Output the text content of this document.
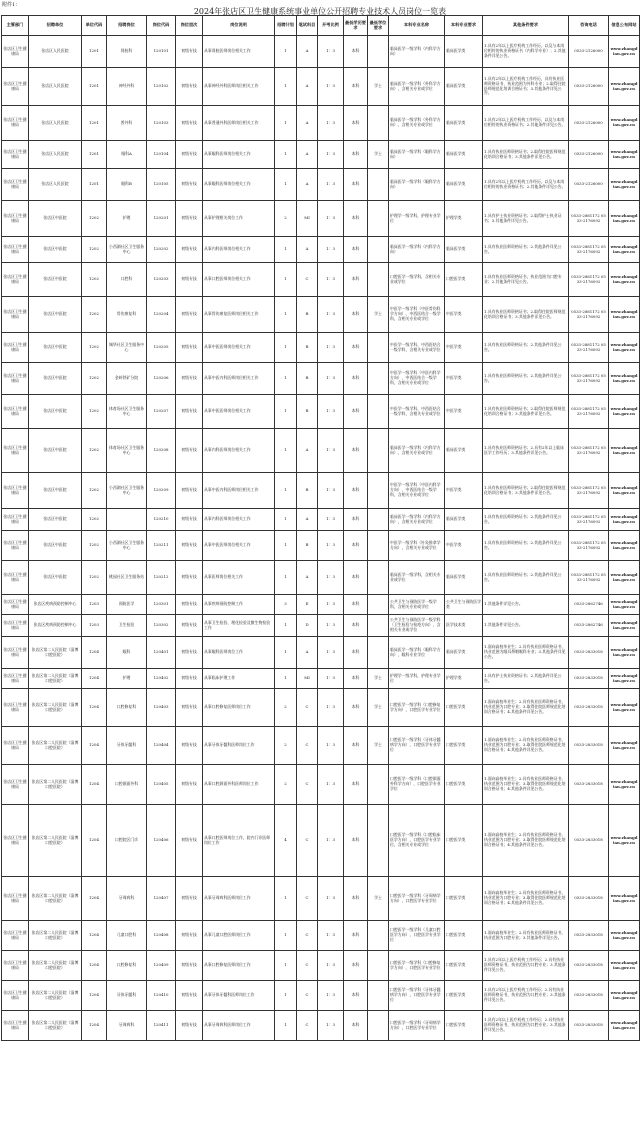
附件1：
2024年张店区卫生健康系统事业单位公开招聘专业技术人员岗位一览表
主管部门	招聘单位	单位代码	招聘岗位	岗位代码	岗位层次	岗位说明	招聘计划	笔试科目	开考比例	最低学历要求	最低学位要求	本科专业名称	本科专业要求	其他条件要求	咨询电话	信息公布网站
张店区卫生健康局	张店区人民医院	1201	肾脏科	120101	初级专技	从事肾脏医师岗位相关工作	1	A	1：3	本科		临床医学一级学科（内科学方向）	临床医学类	1.具有2年以上医疗机构工作经历，以及与本岗位相符的执业资格证书（内科学专业）；2.其他条件详见公告。	0533-2126000	www.zhangdian.gov.cn
张店区卫生健康局	张店区人民医院	1201	神经外科	120102	初级专技	从事神经外科医师岗位相关工作	1	A	1：3	本科	学士	临床医学一级学科（外科学方向），含相关专业或学位	临床医学类	1.具有2年以上医疗机构工作经历，具有执业医师资格证书，执业范围为外科专业；2.取得住院医师规范化培训合格证书；3.其他条件详见公告。	0533-2126000	www.zhangdian.gov.cn
张店区卫生健康局	张店区人民医院	1201	普外科	120103	初级专技	从事普通外科医师岗位相关工作	1	A	1：3	本科		临床医学一级学科（外科学方向），含相关专业或学位	临床医学类	1.具有2年以上医疗机构工作经历，以及与本岗位相符的执业资格证书；2.其他条件详见公告。	0533-2126000	www.zhangdian.gov.cn
张店区卫生健康局	张店区人民医院	1201	眼科A	120104	初级专技	从事眼科医师岗位相关工作	1	A	1：3	本科	学士	临床医学一级学科（眼科学方向）	临床医学类	1.具有执业医师资格证书；2.取得住院医师规范化培训合格证书；3.其他条件详见公告。	0533-2126000	www.zhangdian.gov.cn
张店区卫生健康局	张店区人民医院	1201	眼科B	120105	初级专技	从事眼科医师岗位相关工作	1	A	1：3	本科		临床医学一级学科（眼科学方向）	临床医学类	1.具有2年以上医疗机构工作经历，以及与本岗位相符的执业资格证书；2.其他条件详见公告。	0533-2126000	www.zhangdian.gov.cn
张店区卫生健康局	张店区中医院	1202	护理	120201	初级专技	从事护理相关岗位工作	2	MI	1：3	本科		护理学一级学科，护理专业学位	护理学类	1.具有护士执业资格证书；2.取得护士执业证书；3.其他条件详见公告。	0533-2881172 0533-2176092	www.zhangdian.gov.cn
张店区卫生健康局	张店区中医院	1202	小西湖社区卫生服务中心	120202	初级专技	从事内科医师岗位相关工作	1	A	1：3	本科		临床医学一级学科（内科学方向）	临床医学类	1.具有执业医师资格证书；2.其他条件详见公告。	0533-2881172 0533-2176092	www.zhangdian.gov.cn
张店区卫生健康局	张店区中医院	1202	口腔科	120203	初级专技	从事口腔医师岗位相关工作	1	C	1：3	本科		口腔医学一级学科，含相关专业或学位	口腔医学类	1.具有执业医师资格证书，执业范围为口腔专业；2.其他条件详见公告。	0533-2881172 0533-2176092	www.zhangdian.gov.cn
张店区卫生健康局	张店区中医院	1202	骨伤康复科	120204	初级专技	从事骨伤康复医师岗位相关工作	1	B	1：3	本科	学士	中医学一级学科（中医骨伤科学方向）、中西医结合一级学科，含相关专业或学位	中医学类	1.具有执业医师资格证书；2.取得住院医师规范化培训合格证书；3.其他条件详见公告。	0533-2881172 0533-2176092	www.zhangdian.gov.cn
张店区卫生健康局	张店区中医院	1202	城华社区卫生服务中心	120205	初级专技	从事中医医师岗位相关工作	1	B	1：3	本科		中医学一级学科、中西医结合一级学科，含相关专业或学位	中医学类	1.具有执业医师资格证书；2.其他条件详见公告。	0533-2881172 0533-2176092	www.zhangdian.gov.cn
张店区卫生健康局	张店区中医院	1202	金岭铁矿分院	120206	初级专技	从事中医内科医师岗位相关工作	1	B	1：3	本科		中医学一级学科（中医内科学方向）、中西医结合一级学科，含相关专业或学位	中医学类	1.具有执业医师资格证书；2.其他条件详见公告。	0533-2881172 0533-2176092	www.zhangdian.gov.cn
张店区卫生健康局	张店区中医院	1202	体育场社区卫生服务中心	120207	初级专技	从事中医医师岗位相关工作	1	B	1：3	本科		中医学一级学科、中西医结合一级学科，含相关专业或学位	中医学类	1.具有执业医师资格证书；2.取得住院医师规范化培训合格证书；3.其他条件详见公告。	0533-2881172 0533-2176092	www.zhangdian.gov.cn
张店区卫生健康局	张店区中医院	1202	体育场社区卫生服务中心	120208	初级专技	从事内科医师岗位相关工作	1	A	1：3	本科		临床医学一级学科（内科学方向），含相关专业或学位	临床医学类	1.具有执业医师资格证书；2.具有2年以上临床医学工作经历；3.其他条件详见公告。	0533-2881172 0533-2176092	www.zhangdian.gov.cn
张店区卫生健康局	张店区中医院	1202	小西湖社区卫生服务中心	120209	初级专技	从事中医内科医师岗位相关工作	1	B	1：3	本科		中医学一级学科（中医内科学方向）、中西医结合一级学科，含相关专业或学位	中医学类	1.具有执业医师资格证书；2.取得住院医师规范化培训合格证书；3.其他条件详见公告。	0533-2881172 0533-2176092	www.zhangdian.gov.cn
张店区卫生健康局	张店区中医院	1202		120210	初级专技	从事内科医师岗位相关工作	1	A	1：3	本科		临床医学一级学科（内科学方向），含相关专业或学位	临床医学类	1.具有执业医师资格证书；2.其他条件详见公告。	0533-2881172 0533-2176092	www.zhangdian.gov.cn
张店区卫生健康局	张店区中医院	1202	小西湖社区卫生服务中心	120211	初级专技	从事中医医师岗位相关工作	1	B	1：3	本科		中医学一级学科（针灸推拿学方向），含相关专业或学位	中医学类	1.具有执业医师资格证书；2.其他条件详见公告。	0533-2881172 0533-2176092	www.zhangdian.gov.cn
张店区卫生健康局	张店区中医院	1202	桃园社区卫生服务站	120212	初级专技	从事医师岗位相关工作	1	A	1：3	本科		临床医学一级学科，含相关专业或学位	临床医学类	1.具有执业医师资格证书；2.其他条件详见公告。	0533-2881172 0533-2176092	www.zhangdian.gov.cn
张店区卫生健康局	张店区疾病预防控制中心	1203	预防医学	120301	初级专技	从事疾病预防控制工作	3	E	1：3	本科		公共卫生与预防医学一级学科，含相关专业或学位	公共卫生与预防医学类	1.其他条件详见公告。	0533-2862746	www.zhangdian.gov.cn
张店区卫生健康局	张店区疾病预防控制中心	1203	卫生检验	120302	初级专技	从事卫生检验、理化检验及微生物检验工作	1	D	1：3	本科		公共卫生与预防医学一级学科（卫生检验与检疫方向），含相关专业或学位	医学技术类	1.其他条件详见公告。	0533-2862746	www.zhangdian.gov.cn
张店区卫生健康局	张店区第二人民医院（淄博口腔医院）	1204	眼科	120401	初级专技	从事眼科医师岗位工作	1	A	1：3	本科		临床医学一级学科（眼科学方向），眼科专业学位	临床医学类	1.面向高校毕业生；2.具有执业医师资格证书，执业范围为眼耳鼻咽喉科专业；3.其他条件详见公告。	0533-2833018	www.zhangdian.gov.cn
张店区卫生健康局	张店区第二人民医院（淄博口腔医院）	1204	护理	120402	初级专技	从事临床护理工作	1	MI	1：3	本科	学士	护理学一级学科，护理专业学位	护理学类	1.具有护士执业资格证书；2.其他条件详见公告。	0533-2833018	www.zhangdian.gov.cn
张店区卫生健康局	张店区第二人民医院（淄博口腔医院）	1204	口腔修复科	120403	初级专技	从事口腔修复医师岗位工作	2	C	1：3	本科	学士	口腔医学一级学科（口腔修复学方向），口腔医学专业学位	口腔医学类	1.面向高校毕业生；2.具有执业医师资格证书，执业范围为口腔专业；3.取得住院医师规范化培训合格证书；4.其他条件详见公告。	0533-2833018	www.zhangdian.gov.cn
张店区卫生健康局	张店区第二人民医院（淄博口腔医院）	1204	牙体牙髓科	120404	初级专技	从事牙体牙髓科医师岗位工作	2	C	1：3	本科	学士	口腔医学一级学科（牙体牙髓病学方向），口腔医学专业学位	口腔医学类	1.面向高校毕业生；2.具有执业医师资格证书，执业范围为口腔专业；3.取得住院医师规范化培训合格证书；4.其他条件详见公告。	0533-2833018	www.zhangdian.gov.cn
张店区卫生健康局	张店区第二人民医院（淄博口腔医院）	1204	口腔颌面外科	120405	初级专技	从事口腔颌面外科医师岗位工作	2	C	1：3	本科		口腔医学一级学科（口腔颌面外科学方向），口腔医学专业学位	口腔医学类	1.面向高校毕业生；2.具有执业医师资格证书，执业范围为口腔专业；3.取得住院医师规范化培训合格证书；4.其他条件详见公告。	0533-2833018	www.zhangdian.gov.cn
张店区卫生健康局	张店区第二人民医院（淄博口腔医院）	1204	口腔院区门诊	120406	初级专技	从事口腔医师岗位工作，院内门诊医师岗位工作	4	C	1：3	本科		口腔医学一级学科（口腔临床医学方向），口腔医学专业学位，含相关专业或学位	口腔医学类	1.面向高校毕业生；2.具有执业医师资格证书，执业范围为口腔专业；3.取得住院医师规范化培训合格证书；4.其他条件详见公告。	0533-2833018	www.zhangdian.gov.cn
张店区卫生健康局	张店区第二人民医院（淄博口腔医院）	1204	牙周病科	120407	初级专技	从事牙周病科医师岗位工作	1	C	1：3	本科	学士	口腔医学一级学科（牙周病学方向），口腔医学专业学位	口腔医学类	1.面向高校毕业生；2.具有执业医师资格证书，执业范围为口腔专业；3.取得住院医师规范化培训合格证书；4.其他条件详见公告。	0533-2833018	www.zhangdian.gov.cn
张店区卫生健康局	张店区第二人民医院（淄博口腔医院）	1204	儿童口腔科	120408	初级专技	从事儿童口腔医师岗位工作	1	C	1：3	本科		口腔医学一级学科（儿童口腔医学方向），口腔医学专业学位	口腔医学类	1.面向高校毕业生；2.具有执业医师资格证书，执业范围为口腔专业；3.其他条件详见公告。	0533-2833018	www.zhangdian.gov.cn
张店区卫生健康局	张店区第二人民医院（淄博口腔医院）	1204	口腔修复科	120409	初级专技	从事口腔修复医师岗位工作	1	C	1：3	本科		口腔医学一级学科（口腔修复学方向），口腔医学专业学位	口腔医学类	1.具有2年以上医疗机构工作经历；2.具有执业医师资格证书，执业范围为口腔专业；3.其他条件详见公告。	0533-2833018	www.zhangdian.gov.cn
张店区卫生健康局	张店区第二人民医院（淄博口腔医院）	1204	牙体牙髓科	120410	初级专技	从事牙体牙髓科医师岗位工作	1	C	1：3	本科		口腔医学一级学科（牙体牙髓病学方向），口腔医学专业学位	口腔医学类	1.具有2年以上医疗机构工作经历；2.具有执业医师资格证书，执业范围为口腔专业；3.其他条件详见公告。	0533-2833018	www.zhangdian.gov.cn
张店区卫生健康局	张店区第二人民医院（淄博口腔医院）	1204	牙周病科	120411	初级专技	从事牙周病科医师岗位工作	1	C	1：3	本科		口腔医学一级学科（牙周病学方向），口腔医学专业学位	口腔医学类	1.具有2年以上医疗机构工作经历；2.具有执业医师资格证书，执业范围为口腔专业；3.其他条件详见公告。	0533-2833018	www.zhangdian.gov.cn
